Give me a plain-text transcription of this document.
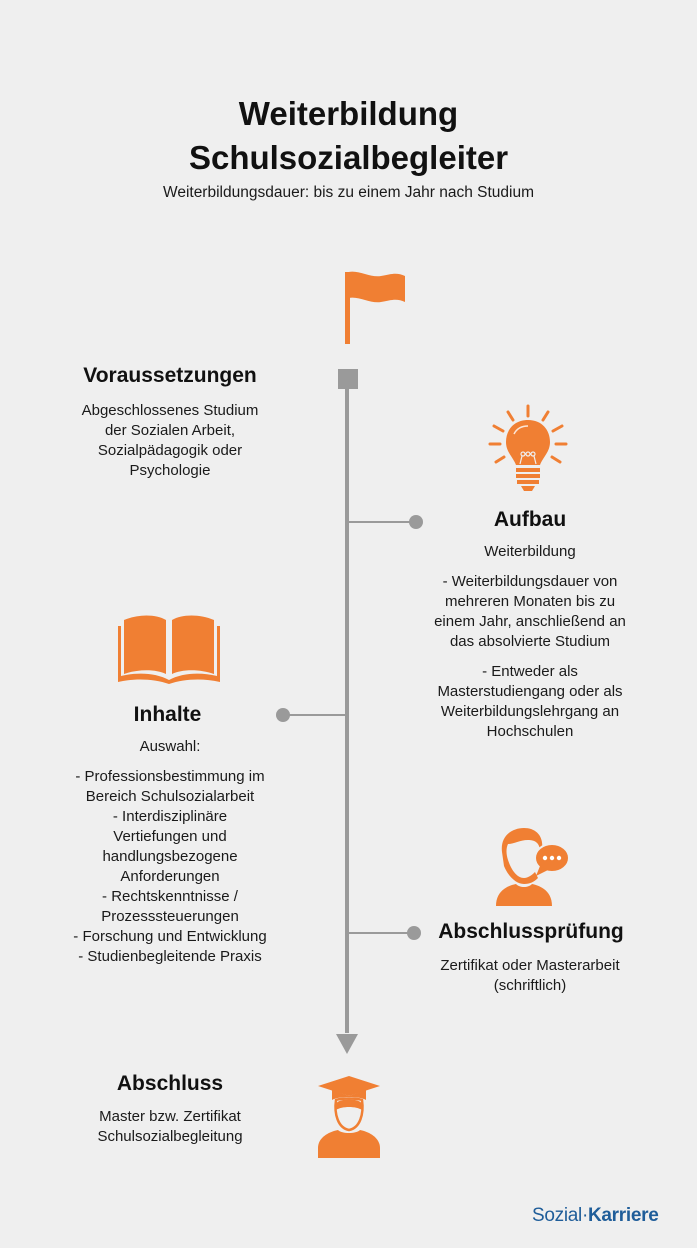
Weiterbildung
Schulsozialbegleiter
Weiterbildungsdauer: bis zu einem Jahr nach Studium
Voraussetzungen
Abgeschlossenes Studium
der Sozialen Arbeit,
Sozialpädagogik oder
Psychologie
Aufbau

Weiterbildung

- Weiterbildungsdauer von
mehreren Monaten bis zu
einem Jahr, anschließend an
das absolvierte Studium

- Entweder als
Masterstudiengang oder als
Weiterbildungslehrgang an
Hochschulen

Inhalte

Auswahl:

- Professionsbestimmung im
Bereich Schulsozialarbeit
- Interdisziplinäre
Vertiefungen und
handlungsbezogene
Anforderungen
- Rechtskenntnisse /
Prozesssteuerungen
- Forschung und Entwicklung
- Studienbegleitende Praxis
Abschlussprüfung
Zertifikat oder Masterarbeit
(schriftlich)
Abschluss
Master bzw. Zertifikat
Schulsozialbegleitung
Sozial·Karriere
